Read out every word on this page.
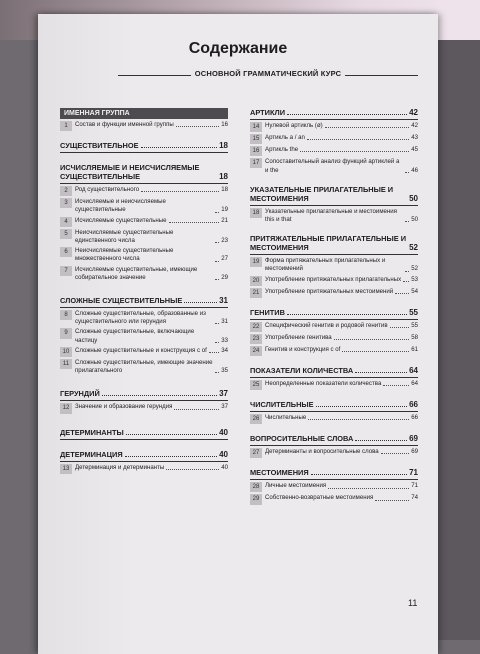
Содержание
ОСНОВНОЙ ГРАММАТИЧЕСКИЙ КУРС
ИМЕННАЯ ГРУППА
1	Состав и функции именной группы	16
СУЩЕСТВИТЕЛЬНОЕ	18
ИСЧИСЛЯЕМЫЕ И НЕИСЧИСЛЯЕМЫЕ СУЩЕСТВИТЕЛЬНЫЕ	18
2	Род существительного	18
3	Исчисляемые и неисчисляемые существительные	19
4	Исчисляемые существительные	21
5	Неисчисляемые существительные единственного числа	23
6	Неисчисляемые существительные множественного числа	27
7	Исчисляемые существительные, имеющие собирательное значение	29
СЛОЖНЫЕ СУЩЕСТВИТЕЛЬНЫЕ	31
8	Сложные существительные, образованные из существительного или герундия	31
9	Сложные существительные, включающие частицу	33
10 Сложные существительные и конструкция с of 34
11 Сложные существительные, имеющие значение прилагательного	35
ГЕРУНДИЙ	37
12 Значение и образование герундия	37
ДЕТЕРМИНАНТЫ	40
ДЕТЕРМИНАЦИЯ	40
13 Детерминация и детерминанты	40
АРТИКЛИ	42
14 Нулевой артикль (ø)	42
15 Артикль a / an	43
16 Артикль the	45
17 Сопоставительный анализ функций артиклей a и the	46
УКАЗАТЕЛЬНЫЕ ПРИЛАГАТЕЛЬНЫЕ И МЕСТОИМЕНИЯ	50
18 Указательные прилагательные и местоимения this и that	50
ПРИТЯЖАТЕЛЬНЫЕ ПРИЛАГАТЕЛЬНЫЕ И МЕСТОИМЕНИЯ	52
19 Форма притяжательных прилагательных и местоимений	52
20 Употребление притяжательных прилагательных 53
21 Употребление притяжательных местоимений	54
ГЕНИТИВ	55
22 Специфический генитив и родовой генитив	55
23 Употребление генитива	58
24 Генитив и конструкция с of	61
ПОКАЗАТЕЛИ КОЛИЧЕСТВА	64
25 Неопределенные показатели количества	64
ЧИСЛИТЕЛЬНЫЕ	66
26 Числительные	66
ВОПРОСИТЕЛЬНЫЕ СЛОВА	69
27 Детерминанты и вопросительные слова	69
МЕСТОИМЕНИЯ	71
28 Личные местоимения	71
29 Собственно-возвратные местоимения	74
11
